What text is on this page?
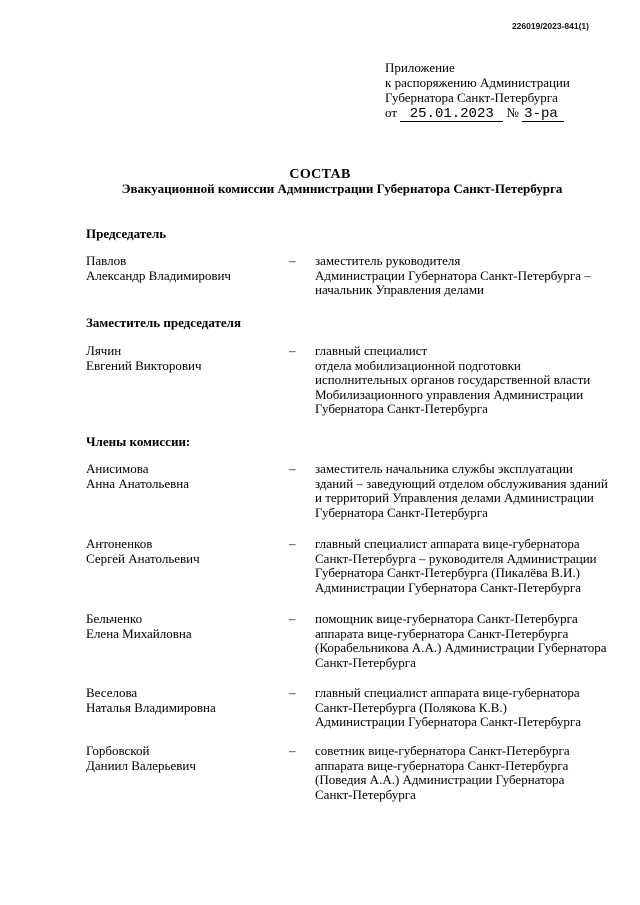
226019/2023-841(1)
Приложение
к распоряжению Администрации
Губернатора Санкт-Петербурга
от 25.01.2023 № 3-ра
СОСТАВ
Эвакуационной комиссии Администрации Губернатора Санкт-Петербурга
Председатель
Павлов
Александр Владимирович
– заместитель руководителя
Администрации Губернатора Санкт-Петербурга –
начальник Управления делами
Заместитель председателя
Лячин
Евгений Викторович
– главный специалист
отдела мобилизационной подготовки
исполнительных органов государственной власти
Мобилизационного управления Администрации
Губернатора Санкт-Петербурга
Члены комиссии:
Анисимова
Анна Анатольевна
– заместитель начальника службы эксплуатации
зданий – заведующий отделом обслуживания зданий
и территорий Управления делами Администрации
Губернатора Санкт-Петербурга
Антоненков
Сергей Анатольевич
– главный специалист аппарата вице-губернатора
Санкт-Петербурга – руководителя Администрации
Губернатора Санкт-Петербурга (Пикалёва В.И.)
Администрации Губернатора Санкт-Петербурга
Бельченко
Елена Михайловна
– помощник вице-губернатора Санкт-Петербурга
аппарата вице-губернатора Санкт-Петербурга
(Корабельникова А.А.) Администрации Губернатора
Санкт-Петербурга
Веселова
Наталья Владимировна
– главный специалист аппарата вице-губернатора
Санкт-Петербурга (Полякова К.В.)
Администрации Губернатора Санкт-Петербурга
Горбовской
Даниил Валерьевич
– советник вице-губернатора Санкт-Петербурга
аппарата вице-губернатора Санкт-Петербурга
(Поведия А.А.) Администрации Губернатора
Санкт-Петербурга
